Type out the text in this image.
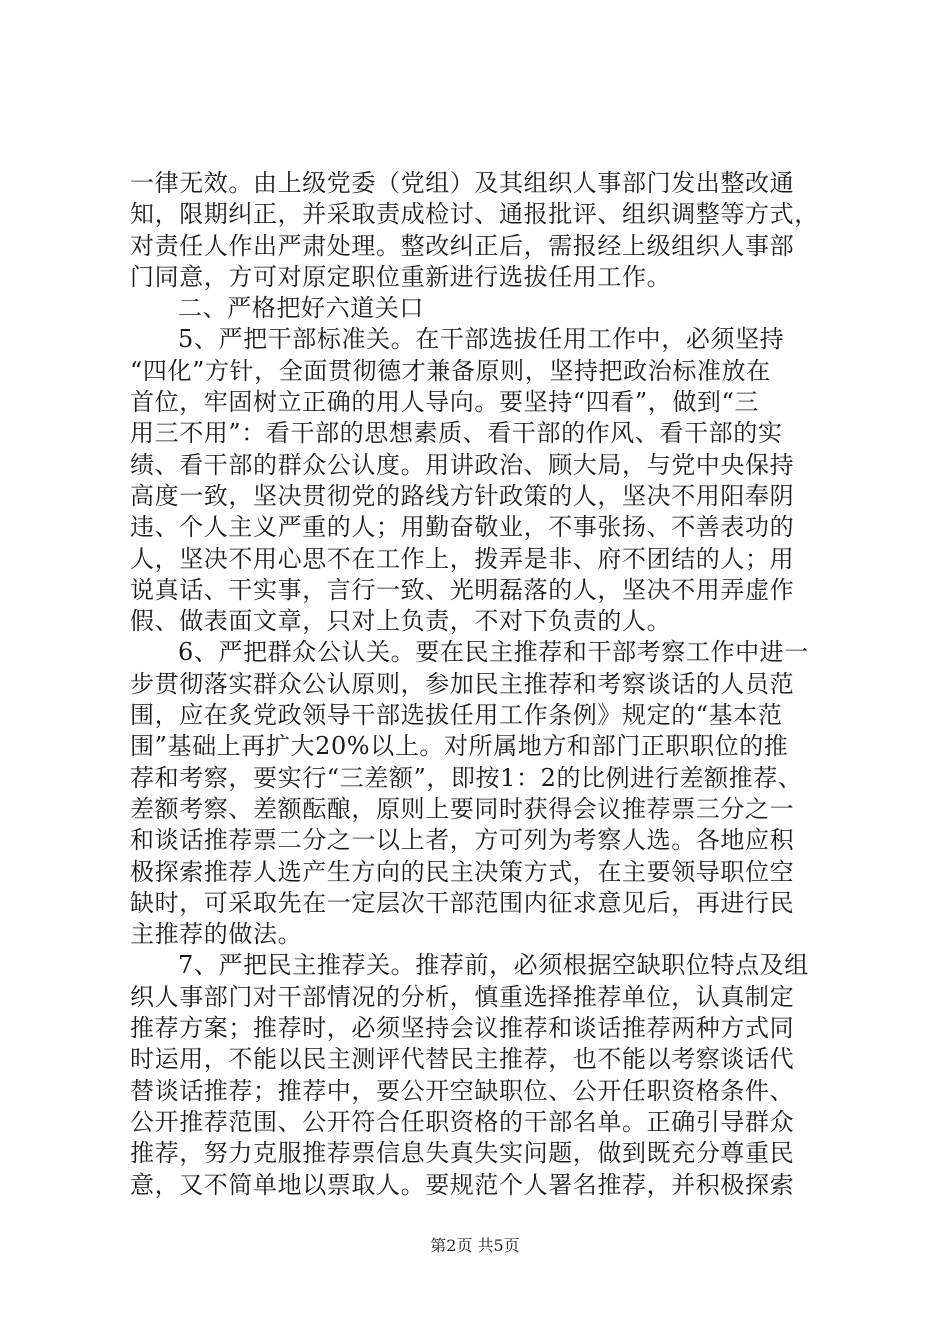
一律无效。由上级党委（党组）及其组织人事部门发出整改通
知，限期纠正，并采取责成检讨、通报批评、组织调整等方式，
对责任人作出严肃处理。整改纠正后，需报经上级组织人事部
门同意，方可对原定职位重新进行选拔任用工作。
二、严格把好六道关口
5、严把干部标准关。在干部选拔任用工作中，必须坚持
“四化”方针，全面贯彻德才兼备原则，坚持把政治标准放在
首位，牢固树立正确的用人导向。要坚持“四看”，做到“三
用三不用”：看干部的思想素质、看干部的作风、看干部的实
绩、看干部的群众公认度。用讲政治、顾大局，与党中央保持
高度一致，坚决贯彻党的路线方针政策的人，坚决不用阳奉阴
违、个人主义严重的人；用勤奋敬业，不事张扬、不善表功的
人，坚决不用心思不在工作上，拨弄是非、府不团结的人；用
说真话、干实事，言行一致、光明磊落的人，坚决不用弄虚作
假、做表面文章，只对上负责，不对下负责的人。
6、严把群众公认关。要在民主推荐和干部考察工作中进一
步贯彻落实群众公认原则，参加民主推荐和考察谈话的人员范
围，应在炙党政领导干部选拔任用工作条例》规定的“基本范
围”基础上再扩大20%以上。对所属地方和部门正职职位的推
荐和考察，要实行“三差额”，即按1：2的比例进行差额推荐、
差额考察、差额酝酿，原则上要同时获得会议推荐票三分之一
和谈话推荐票二分之一以上者，方可列为考察人选。各地应积
极探索推荐人选产生方向的民主决策方式，在主要领导职位空
缺时，可采取先在一定层次干部范围内征求意见后，再进行民
主推荐的做法。
7、严把民主推荐关。推荐前，必须根据空缺职位特点及组
织人事部门对干部情况的分析，慎重选择推荐单位，认真制定
推荐方案；推荐时，必须坚持会议推荐和谈话推荐两种方式同
时运用，不能以民主测评代替民主推荐，也不能以考察谈话代
替谈话推荐；推荐中，要公开空缺职位、公开任职资格条件、
公开推荐范围、公开符合任职资格的干部名单。正确引导群众
推荐，努力克服推荐票信息失真失实问题，做到既充分尊重民
意，又不简单地以票取人。要规范个人署名推荐，并积极探索
第2页 共5页
